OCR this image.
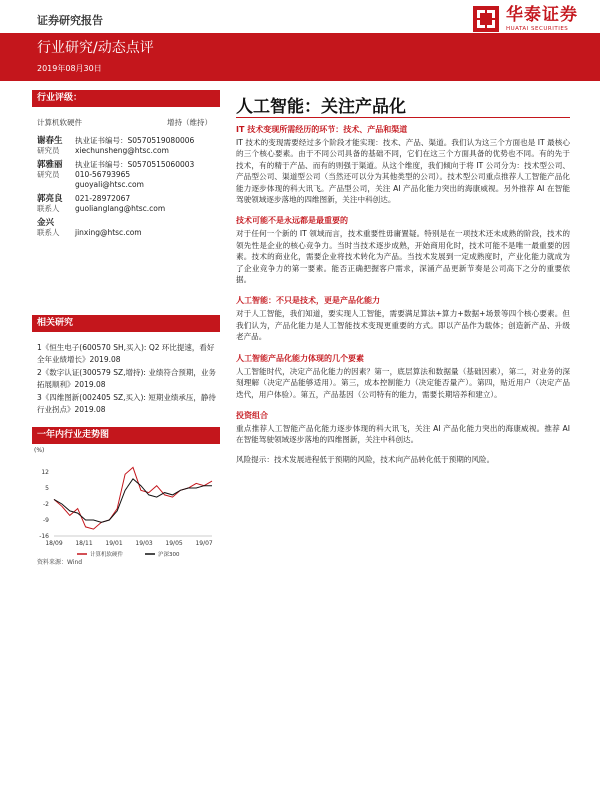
证券研究报告	华泰证券
HUATAI SECURITIES
行业研究/动态点评
2019年08月30日
行业评级：
计算机软硬件	增持（维持）
谢春生	执业证书编号：S0570519080006
研究员	xiechunsheng@htsc.com
郭雅丽	执业证书编号：S0570515060003
研究员	010-56793965
guoyali@htsc.com
郭亮良	021-28972067
联系人	guolianglang@htsc.com
金兴
联系人	jinxing@htsc.com
相关研究
1《恒生电子(600570 SH,买入): Q2 环比提速，看好全年业绩增长》2019.08
2《数字认证(300579 SZ,增持): 业绩符合预期，业务拓展顺利》2019.08
3《四维图新(002405 SZ,买入): 短期业绩承压，静待行业拐点》2019.08
一年内行业走势图
(%)
-16
-9
-2
5
12
18/09 18/11 19/01 19/03 19/05 19/07
计算机软硬件	沪深300
资料来源：Wind
人工智能：关注产品化
IT 技术变现所需经历的环节：技术、产品和渠道
IT 技术的变现需要经过多个阶段才能实现：技术、产品、渠道。我们认为这三个方面也是 IT 最核心的三个核心要素。由于不同公司具备的基础不同，它们在这三个方面具备的优势也不同。有的先于技术，有的精于产品、而有的则强于渠道。从这个维度，我们倾向于将 IT 公司分为：技术型公司、产品型公司、渠道型公司（当然还可以分为其他类型的公司）。技术型公司重点推荐人工智能产品化能力逐步体现的科大讯飞。产品型公司，关注 AI 产品化能力突出的海康威视。另外推荐 AI 在智能驾驶领域逐步落地的四维图新，关注中科创达。
技术可能不是永远都是最重要的
对于任何一个新的 IT 领域而言，技术重要性毋庸置疑。特别是在一项技术还未成熟的阶段，技术的领先性是企业的核心竞争力。当时当技术逐步成熟，开始商用化时，技术可能不是唯一最重要的因素。技术的商业化，需要企业将技术转化为产品。当技术发展到一定成熟度时，产业化能力就成为了企业竞争力的第一要素。能否正确把握客户需求，深涌产品更新节奏是公司高下之分的重要依据。
人工智能：不只是技术，更是产品化能力
对于人工智能，我们知道，要实现人工智能，需要满足算法+算力+数据+场景等四个核心要素。但我们认为，产品化能力是人工智能技术变现更重要的方式。即以产品作为载体；创造新产品、升级老产品。
人工智能产品化能力体现的几个要素
人工智能时代，决定产品化能力的因素？第一，底层算法和数据量（基础因素），第二，对业务的深刻理解（决定产品能够适用）。第三，成本控制能力（决定能否量产）。第四，贴近用户（决定产品迭代，用户体验）。第五，产品基因（公司特有的能力，需要长期培养和建立）。
投资组合
重点推荐人工智能产品化能力逐步体现的科大讯飞，关注 AI 产品化能力突出的海康威视。推荐 AI 在智能驾驶领域逐步落地的四维图新，关注中科创达。
风险提示：技术发展进程低于预期的风险，技术向产品转化低于预期的风险。
